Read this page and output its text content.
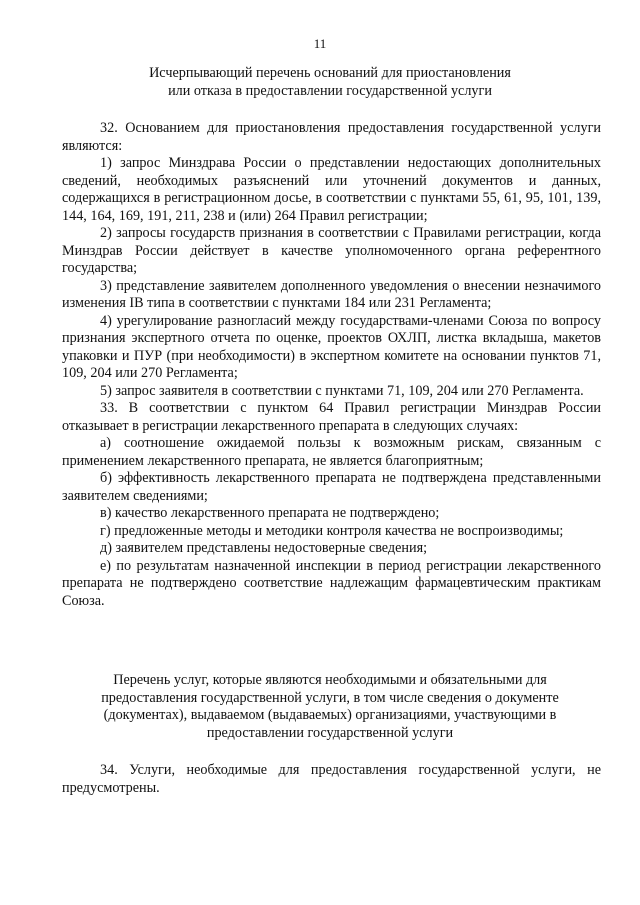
11
Исчерпывающий перечень оснований для приостановления
или отказа в предоставлении государственной услуги

32. Основанием для приостановления предоставления государственной услуги являются:

1) запрос Минздрава России о представлении недостающих дополнительных сведений, необходимых разъяснений или уточнений документов и данных, содержащихся в регистрационном досье, в соответствии с пунктами 55, 61, 95, 101, 139, 144, 164, 169, 191, 211, 238 и (или) 264 Правил регистрации;

2) запросы государств признания в соответствии с Правилами регистрации, когда Минздрав России действует в качестве уполномоченного органа референтного государства;

3) представление заявителем дополненного уведомления о внесении незначимого изменения IB типа в соответствии с пунктами 184 или 231 Регламента;

4) урегулирование разногласий между государствами-членами Союза по вопросу признания экспертного отчета по оценке, проектов ОХЛП, листка вкладыша, макетов упаковки и ПУР (при необходимости) в экспертном комитете на основании пунктов 71, 109, 204 или 270 Регламента;

5) запрос заявителя в соответствии с пунктами 71, 109, 204 или 270 Регламента.

33. В соответствии с пунктом 64 Правил регистрации Минздрав России отказывает в регистрации лекарственного препарата в следующих случаях:

а) соотношение ожидаемой пользы к возможным рискам, связанным с применением лекарственного препарата, не является благоприятным;

б) эффективность лекарственного препарата не подтверждена представленными заявителем сведениями;

в) качество лекарственного препарата не подтверждено;

г) предложенные методы и методики контроля качества не воспроизводимы;

д) заявителем представлены недостоверные сведения;

е) по результатам назначенной инспекции в период регистрации лекарственного препарата не подтверждено соответствие надлежащим фармацевтическим практикам Союза.

Перечень услуг, которые являются необходимыми и обязательными для
предоставления государственной услуги, в том числе сведения о документе
(документах), выдаваемом (выдаваемых) организациями, участвующими в
предоставлении государственной услуги

34. Услуги, необходимые для предоставления государственной услуги, не предусмотрены.
